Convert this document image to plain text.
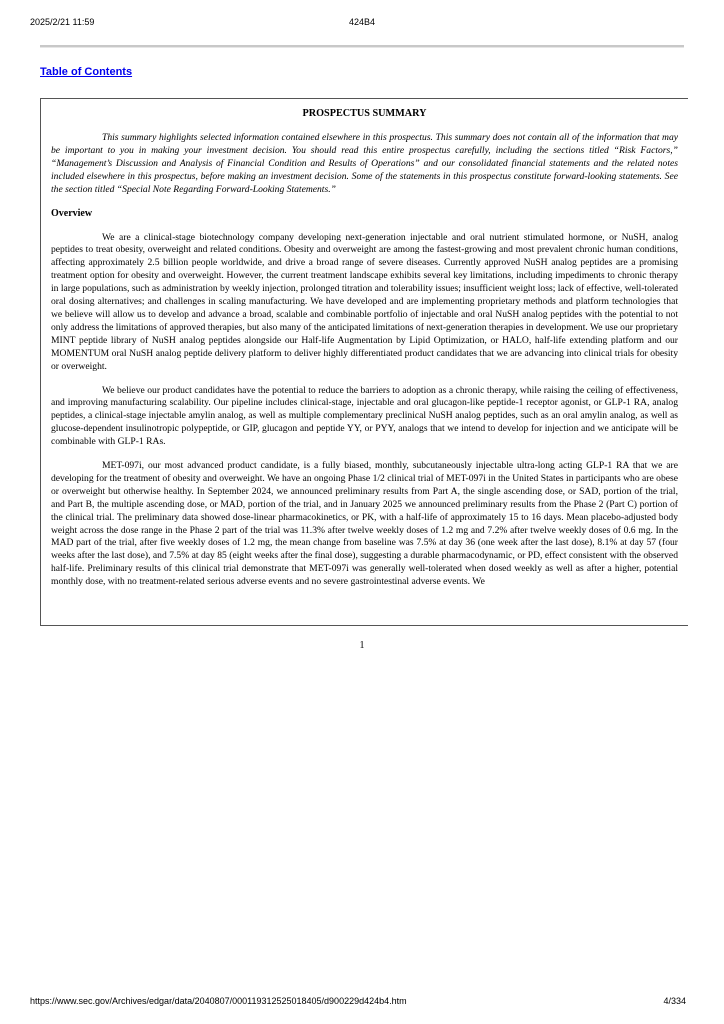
2025/2/21 11:59	424B4
Table of Contents
PROSPECTUS SUMMARY

This summary highlights selected information contained elsewhere in this prospectus. This summary does not contain all of the information that may be important to you in making your investment decision. You should read this entire prospectus carefully, including the sections titled “Risk Factors,” “Management’s Discussion and Analysis of Financial Condition and Results of Operations” and our consolidated financial statements and the related notes included elsewhere in this prospectus, before making an investment decision. Some of the statements in this prospectus constitute forward-looking statements. See the section titled “Special Note Regarding Forward-Looking Statements.”

Overview

We are a clinical-stage biotechnology company developing next-generation injectable and oral nutrient stimulated hormone, or NuSH, analog peptides to treat obesity, overweight and related conditions. Obesity and overweight are among the fastest-growing and most prevalent chronic human conditions, affecting approximately 2.5 billion people worldwide, and drive a broad range of severe diseases. Currently approved NuSH analog peptides are a promising treatment option for obesity and overweight. However, the current treatment landscape exhibits several key limitations, including impediments to chronic therapy in large populations, such as administration by weekly injection, prolonged titration and tolerability issues; insufficient weight loss; lack of effective, well-tolerated oral dosing alternatives; and challenges in scaling manufacturing. We have developed and are implementing proprietary methods and platform technologies that we believe will allow us to develop and advance a broad, scalable and combinable portfolio of injectable and oral NuSH analog peptides with the potential to not only address the limitations of approved therapies, but also many of the anticipated limitations of next-generation therapies in development. We use our proprietary MINT peptide library of NuSH analog peptides alongside our Half-life Augmentation by Lipid Optimization, or HALO, half-life extending platform and our MOMENTUM oral NuSH analog peptide delivery platform to deliver highly differentiated product candidates that we are advancing into clinical trials for obesity or overweight.

We believe our product candidates have the potential to reduce the barriers to adoption as a chronic therapy, while raising the ceiling of effectiveness, and improving manufacturing scalability. Our pipeline includes clinical-stage, injectable and oral glucagon-like peptide-1 receptor agonist, or GLP-1 RA, analog peptides, a clinical-stage injectable amylin analog, as well as multiple complementary preclinical NuSH analog peptides, such as an oral amylin analog, as well as glucose-dependent insulinotropic polypeptide, or GIP, glucagon and peptide YY, or PYY, analogs that we intend to develop for injection and we anticipate will be combinable with GLP-1 RAs.

MET-097i, our most advanced product candidate, is a fully biased, monthly, subcutaneously injectable ultra-long acting GLP-1 RA that we are developing for the treatment of obesity and overweight. We have an ongoing Phase 1/2 clinical trial of MET-097i in the United States in participants who are obese or overweight but otherwise healthy. In September 2024, we announced preliminary results from Part A, the single ascending dose, or SAD, portion of the trial, and Part B, the multiple ascending dose, or MAD, portion of the trial, and in January 2025 we announced preliminary results from the Phase 2 (Part C) portion of the clinical trial. The preliminary data showed dose-linear pharmacokinetics, or PK, with a half-life of approximately 15 to 16 days. Mean placebo-adjusted body weight across the dose range in the Phase 2 part of the trial was 11.3% after twelve weekly doses of 1.2 mg and 7.2% after twelve weekly doses of 0.6 mg. In the MAD part of the trial, after five weekly doses of 1.2 mg, the mean change from baseline was 7.5% at day 36 (one week after the last dose), 8.1% at day 57 (four weeks after the last dose), and 7.5% at day 85 (eight weeks after the final dose), suggesting a durable pharmacodynamic, or PD, effect consistent with the observed half-life. Preliminary results of this clinical trial demonstrate that MET-097i was generally well-tolerated when dosed weekly as well as after a higher, potential monthly dose, with no treatment-related serious adverse events and no severe gastrointestinal adverse events. We

1
https://www.sec.gov/Archives/edgar/data/2040807/000119312525018405/d900229d424b4.htm	4/334
